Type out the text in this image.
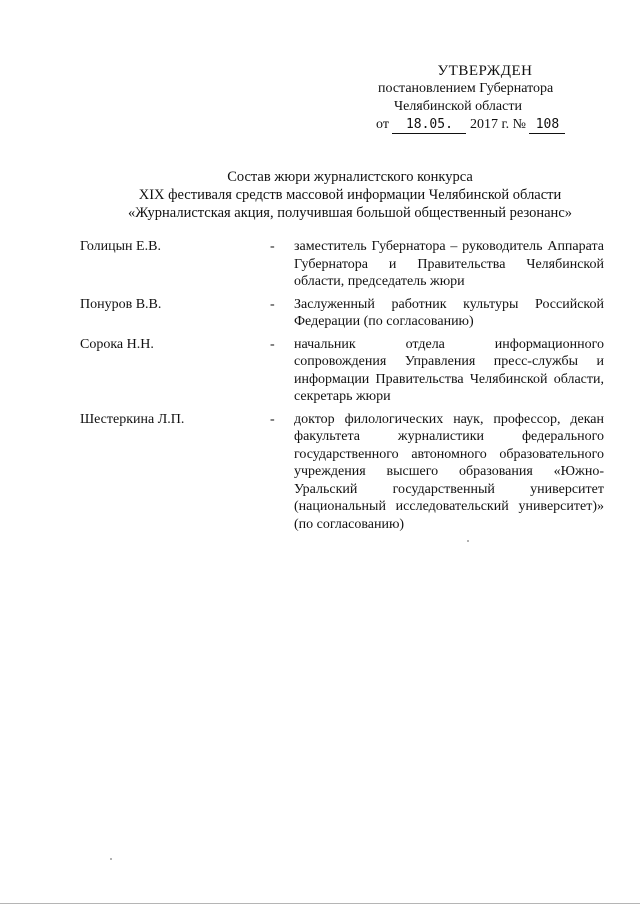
УТВЕРЖДЕН
постановлением Губернатора
Челябинской области
от 18.05. 2017 г. № 108
Состав жюри журналистского конкурса
XIX фестиваля средств массовой информации Челябинской области
«Журналистская акция, получившая большой общественный резонанс»
Голицын Е.В.	-	заместитель Губернатора – руководитель Аппарата Губернатора и Правительства Челябинской области, председатель жюри
Понуров В.В.	-	Заслуженный работник культуры Российской Федерации (по согласованию)
Сорока Н.Н.	-	начальник отдела информационного сопровождения Управления пресс-службы и информации Правительства Челябинской области, секретарь жюри
Шестеркина Л.П.	-	доктор филологических наук, профессор, декан факультета журналистики федерального государственного автономного образовательного учреждения высшего образования «Южно-Уральский государственный университет (национальный исследовательский университет)» (по согласованию)
